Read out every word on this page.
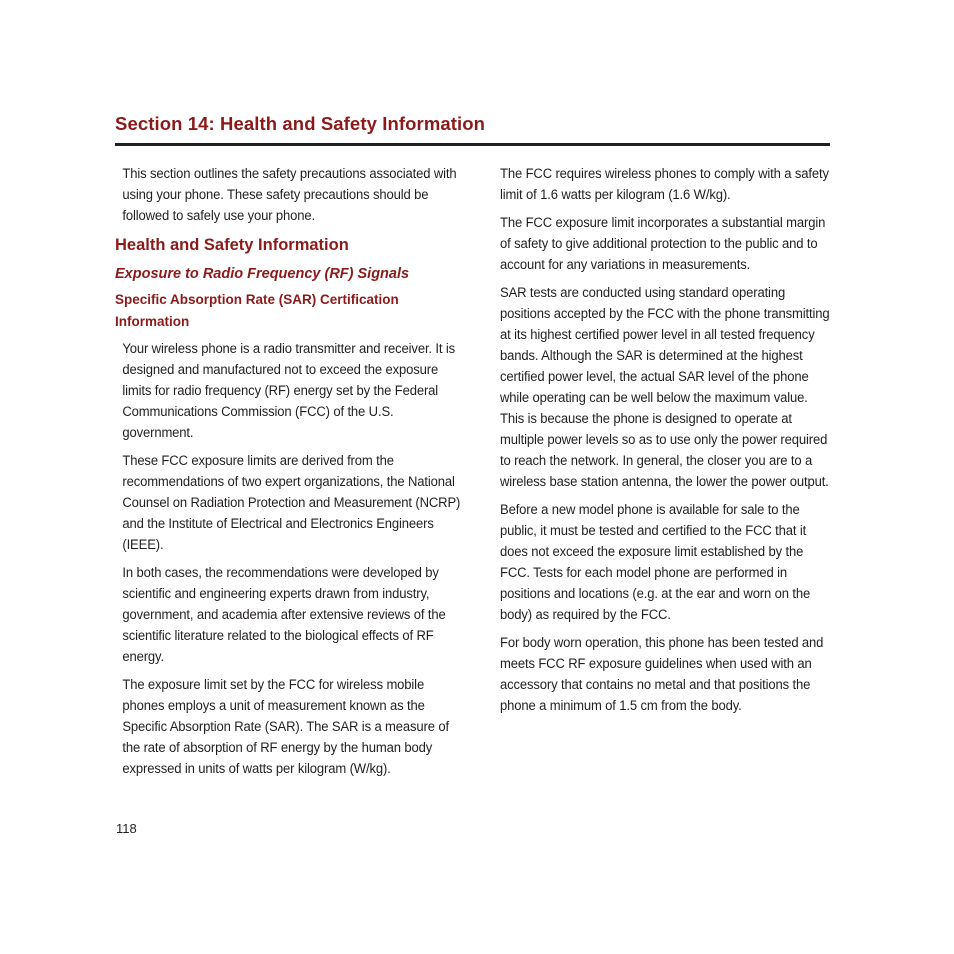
Section 14: Health and Safety Information

This section outlines the safety precautions associated with using your phone. These safety precautions should be followed to safely use your phone.

Health and Safety Information
Exposure to Radio Frequency (RF) Signals
Specific Absorption Rate (SAR) Certification Information

Your wireless phone is a radio transmitter and receiver. It is designed and manufactured not to exceed the exposure limits for radio frequency (RF) energy set by the Federal Communications Commission (FCC) of the U.S. government.

These FCC exposure limits are derived from the recommendations of two expert organizations, the National Counsel on Radiation Protection and Measurement (NCRP) and the Institute of Electrical and Electronics Engineers (IEEE).

In both cases, the recommendations were developed by scientific and engineering experts drawn from industry, government, and academia after extensive reviews of the scientific literature related to the biological effects of RF energy.

The exposure limit set by the FCC for wireless mobile phones employs a unit of measurement known as the Specific Absorption Rate (SAR). The SAR is a measure of the rate of absorption of RF energy by the human body expressed in units of watts per kilogram (W/kg).

The FCC requires wireless phones to comply with a safety limit of 1.6 watts per kilogram (1.6 W/kg).

The FCC exposure limit incorporates a substantial margin of safety to give additional protection to the public and to account for any variations in measurements.

SAR tests are conducted using standard operating positions accepted by the FCC with the phone transmitting at its highest certified power level in all tested frequency bands. Although the SAR is determined at the highest certified power level, the actual SAR level of the phone while operating can be well below the maximum value. This is because the phone is designed to operate at multiple power levels so as to use only the power required to reach the network. In general, the closer you are to a wireless base station antenna, the lower the power output.

Before a new model phone is available for sale to the public, it must be tested and certified to the FCC that it does not exceed the exposure limit established by the FCC. Tests for each model phone are performed in positions and locations (e.g. at the ear and worn on the body) as required by the FCC.

For body worn operation, this phone has been tested and meets FCC RF exposure guidelines when used with an accessory that contains no metal and that positions the phone a minimum of 1.5 cm from the body.

118
